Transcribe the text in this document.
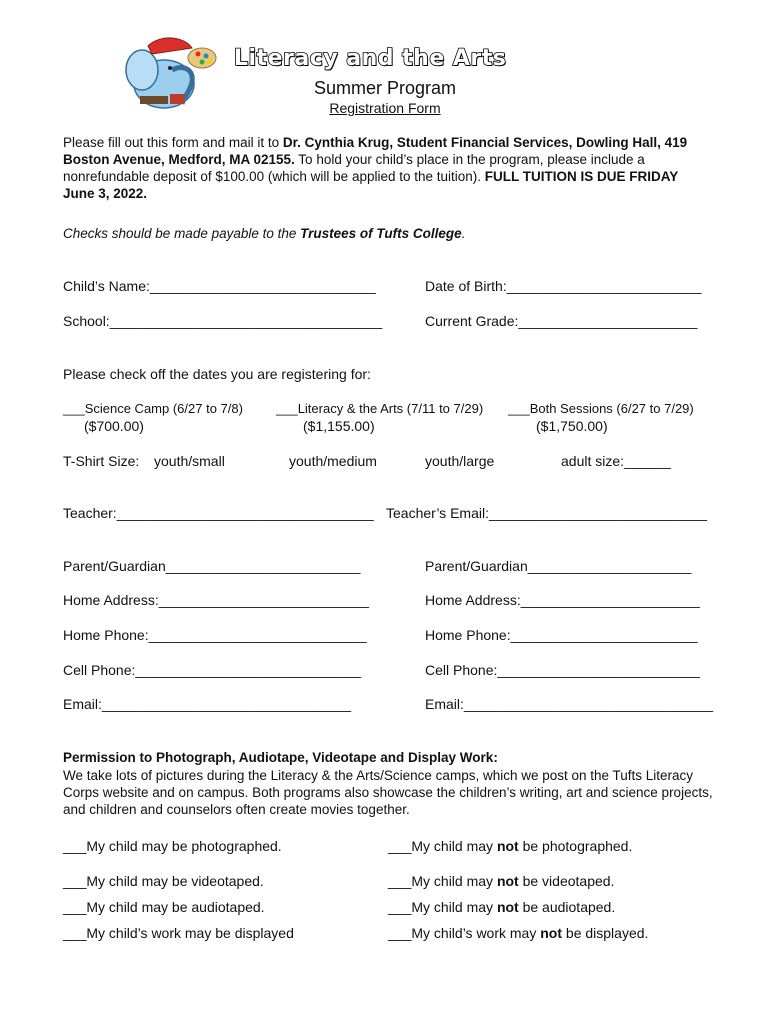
Literacy and the Arts
Summer Program
Registration Form
Please fill out this form and mail it to Dr. Cynthia Krug, Student Financial Services, Dowling Hall, 419 Boston Avenue, Medford, MA 02155. To hold your child’s place in the program, please include a nonrefundable deposit of $100.00 (which will be applied to the tuition). FULL TUITION IS DUE FRIDAY June 3, 2022.
Checks should be made payable to the Trustees of Tufts College.
Child’s Name:_____________________________	Date of Birth:_________________________
School:___________________________________	Current Grade:_______________________
Please check off the dates you are registering for:
___Science Camp (6/27 to 7/8)
($700.00)
___Literacy & the Arts (7/11 to 7/29)
($1,155.00)
___Both Sessions (6/27 to 7/29)
($1,750.00)
T-Shirt Size: youth/small	youth/medium	youth/large	adult size:______
Teacher:_________________________________ Teacher’s Email:____________________________
Parent/Guardian_________________________	Parent/Guardian_____________________
Home Address:___________________________	Home Address:_______________________
Home Phone:____________________________	Home Phone:________________________
Cell Phone:_____________________________	Cell Phone:__________________________
Email:________________________________	Email:________________________________
Permission to Photograph, Audiotape, Videotape and Display Work:
We take lots of pictures during the Literacy & the Arts/Science camps, which we post on the Tufts Literacy Corps website and on campus. Both programs also showcase the children’s writing, art and science projects, and children and counselors often create movies together.
___My child may be photographed.	___My child may not be photographed.
___My child may be videotaped.	___My child may not be videotaped.
___My child may be audiotaped.	___My child may not be audiotaped.
___My child’s work may be displayed	___My child’s work may not be displayed.
